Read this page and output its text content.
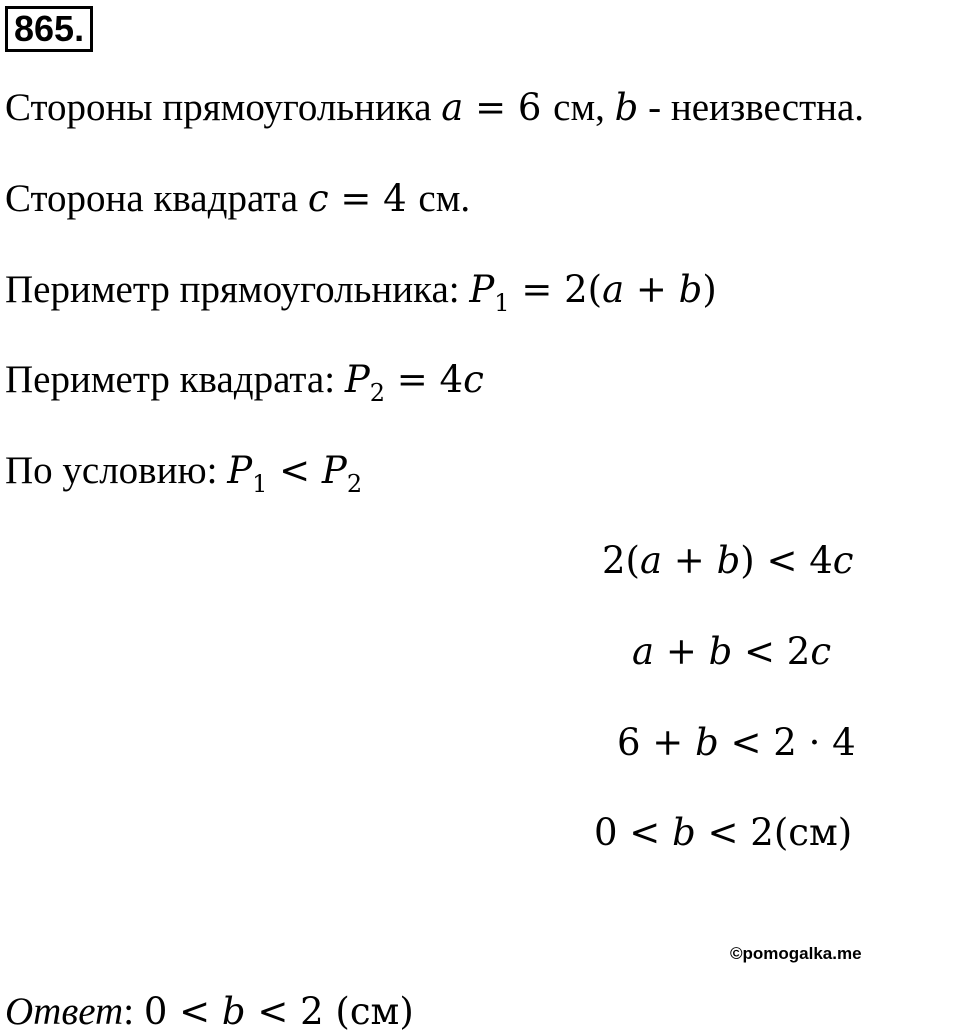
865.
Стороны прямоугольника a = 6 см, b - неизвестна.
Сторона квадрата c = 4 см.
Периметр прямоугольника: $P_1 = 2(a + b)$
Периметр квадрата: $P_2 = 4c$
По условию: $P_1 < P_2$
2(a + b) < 4c
a + b < 2c
6 + b < 2 · 4
0 < b < 2(см)
©pomogalka.me
Ответ: 0 < b < 2 (см)
